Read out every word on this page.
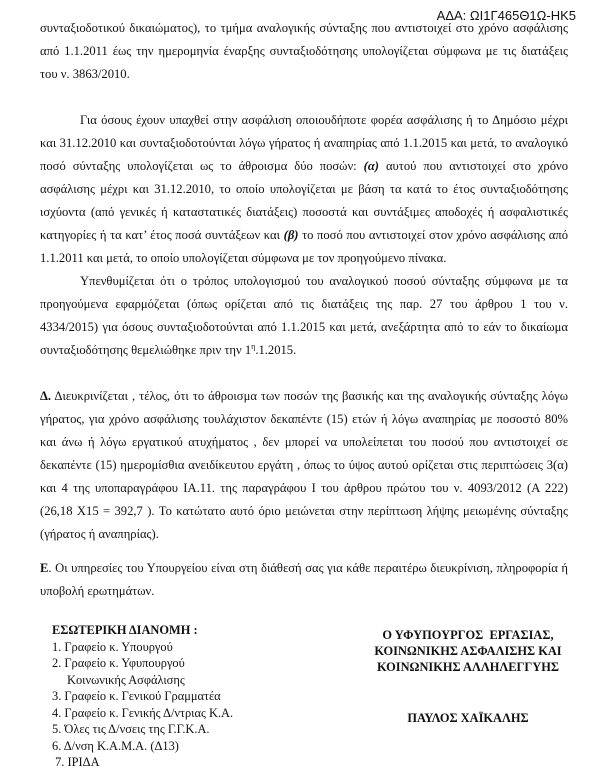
ΑΔΑ: ΩΙ1Γ465Θ1Ω-ΗΚ5

συνταξιοδοτικού δικαιώματος), το τμήμα αναλογικής σύνταξης που αντιστοιχεί στο χρόνο ασφάλισης από 1.1.2011 έως την ημερομηνία έναρξης συνταξιοδότησης υπολογίζεται σύμφωνα με τις διατάξεις του ν. 3863/2010.

Για όσους έχουν υπαχθεί στην ασφάλιση οποιουδήποτε φορέα ασφάλισης ή το Δημόσιο μέχρι και 31.12.2010 και συνταξιοδοτούνται λόγω γήρατος ή αναπηρίας από 1.1.2015 και μετά, το αναλογικό ποσό σύνταξης υπολογίζεται ως το άθροισμα δύο ποσών: (α) αυτού που αντιστοιχεί στο χρόνο ασφάλισης μέχρι και 31.12.2010, το οποίο υπολογίζεται με βάση τα κατά το έτος συνταξιοδότησης ισχύοντα (από γενικές ή καταστατικές διατάξεις) ποσοστά και συντάξιμες αποδοχές ή ασφαλιστικές κατηγορίες ή τα κατ’ έτος ποσά συντάξεων και (β) το ποσό που αντιστοιχεί στον χρόνο ασφάλισης από 1.1.2011 και μετά, το οποίο υπολογίζεται σύμφωνα με τον προηγούμενο πίνακα.

Υπενθυμίζεται ότι ο τρόπος υπολογισμού του αναλογικού ποσού σύνταξης σύμφωνα με τα προηγούμενα εφαρμόζεται (όπως ορίζεται από τις διατάξεις της παρ. 27 του άρθρου 1 του ν. 4334/2015) για όσους συνταξιοδοτούνται από 1.1.2015 και μετά, ανεξάρτητα από το εάν το δικαίωμα συνταξιοδότησης θεμελιώθηκε πριν την $1^\eta.1.2015$.

Δ. Διευκρινίζεται , τέλος, ότι το άθροισμα των ποσών της βασικής και της αναλογικής σύνταξης λόγω γήρατος, για χρόνο ασφάλισης τουλάχιστον δεκαπέντε (15) ετών ή λόγω αναπηρίας με ποσοστό 80% και άνω ή λόγω εργατικού ατυχήματος , δεν μπορεί να υπολείπεται του ποσού που αντιστοιχεί σε δεκαπέντε (15) ημερομίσθια ανειδίκευτου εργάτη , όπως το ύψος αυτού ορίζεται στις περιπτώσεις 3(α) και 4 της υποπαραγράφου ΙΑ.11. της παραγράφου Ι του άρθρου πρώτου του ν. 4093/2012 (Α 222) (26,18 Χ15 = 392,7 ). Το κατώτατο αυτό όριο μειώνεται στην περίπτωση λήψης μειωμένης σύνταξης (γήρατος ή αναπηρίας).

Ε. Οι υπηρεσίες του Υπουργείου είναι στη διάθεσή σας για κάθε περαιτέρω διευκρίνιση, πληροφορία ή υποβολή ερωτημάτων.

ΕΣΩΤΕΡΙΚΗ ΔΙΑΝΟΜΗ :
1. Γραφείο κ. Υπουργού
2. Γραφείο κ. Υφυπουργού
Κοινωνικής Ασφάλισης
3. Γραφείο κ. Γενικού Γραμματέα
4. Γραφείο κ. Γενικής Δ/ντριας Κ.Α.
5. Όλες τις Δ/νσεις της Γ.Γ.Κ.Α.
6. Δ/νση Κ.Α.Μ.Α. (Δ13)
7. ΙΡΙΔΑ
Ο ΥΦΥΠΟΥΡΓΟΣ  ΕΡΓΑΣΙΑΣ,
ΚΟΙΝΩΝΙΚΗΣ ΑΣΦΑΛΙΣΗΣ ΚΑΙ
ΚΟΙΝΩΝΙΚΗΣ ΑΛΛΗΛΕΓΓΥΗΣ
ΠΑΥΛΟΣ ΧΑΪΚΑΛΗΣ
